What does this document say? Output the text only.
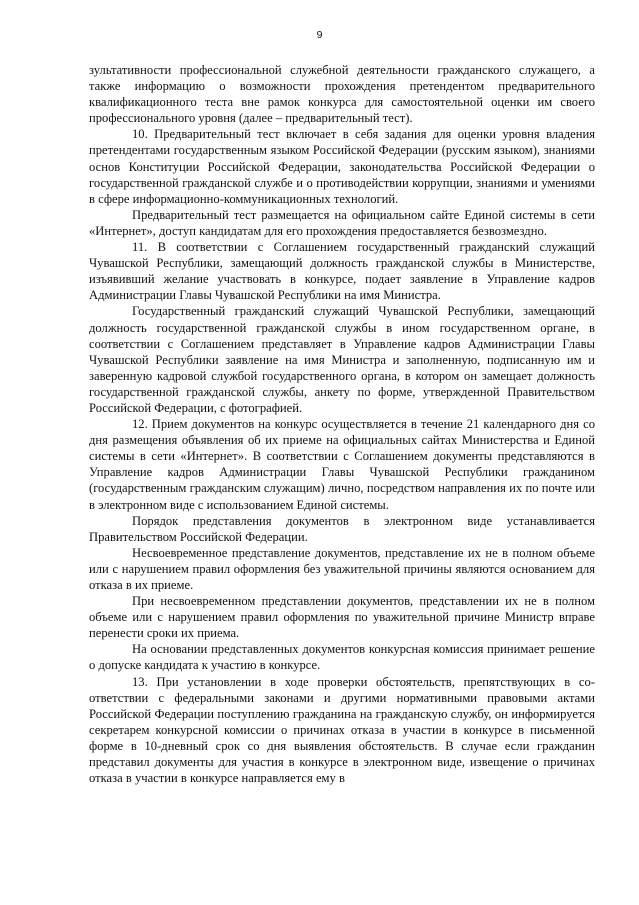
9

зультативности профессиональной служебной деятельности гражданского служащего, а также информацию о возможности прохождения претендентом предварительного квалификационного теста вне рамок конкурса для самостоятельной оценки им своего профессионального уровня (далее – предварительный тест).

10. Предварительный тест включает в себя задания для оценки уровня владения претендентами государственным языком Российской Федерации (русским языком), знаниями основ Конституции Российской Федерации, законодательства Российской Федерации о государственной гражданской службе и о противодействии коррупции, знаниями и умениями в сфере информационно-коммуникационных технологий.

Предварительный тест размещается на официальном сайте Единой системы в сети «Интернет», доступ кандидатам для его прохождения предоставляется безвозмездно.

11. В соответствии с Соглашением государственный гражданский служащий Чувашской Республики, замещающий должность гражданской службы в Министерстве, изъявивший желание участвовать в конкурсе, подает заявление в Управление кадров Администрации Главы Чувашской Республики на имя Министра.

Государственный гражданский служащий Чувашской Республики, замещающий должность государственной гражданской службы в ином государственном органе, в соответствии с Соглашением представляет в Управление кадров Администрации Главы Чувашской Республики заявление на имя Министра и заполненную, подписанную им и заверенную кадровой службой государственного органа, в котором он замещает должность государственной гражданской службы, анкету по форме, утвержденной Правительством Российской Федерации, с фотографией.

12. Прием документов на конкурс осуществляется в течение 21 календарного дня со дня размещения объявления об их приеме на официальных сайтах Министерства и Единой системы в сети «Интернет». В соответствии с Соглашением документы представляются в Управление кадров Администрации Главы Чувашской Республики гражданином (государственным гражданским служащим) лично, посредством направления их по почте или в электронном виде с использованием Единой системы.

Порядок представления документов в электронном виде устанавливается Правительством Российской Федерации.

Несвоевременное представление документов, представление их не в полном объеме или с нарушением правил оформления без уважительной причины являются основанием для отказа в их приеме.

При несвоевременном представлении документов, представлении их не в полном объеме или с нарушением правил оформления по уважительной причине Министр вправе перенести сроки их приема.

На основании представленных документов конкурсная комиссия принимает решение о допуске кандидата к участию в конкурсе.

13. При установлении в ходе проверки обстоятельств, препятствующих в соответствии с федеральными законами и другими нормативными правовыми актами Российской Федерации поступлению гражданина на гражданскую службу, он информируется секретарем конкурсной комиссии о причинах отказа в участии в конкурсе в письменной форме в 10-дневный срок со дня выявления обстоятельств. В случае если гражданин представил документы для участия в конкурсе в электронном виде, извещение о причинах отказа в участии в конкурсе направляется ему в
